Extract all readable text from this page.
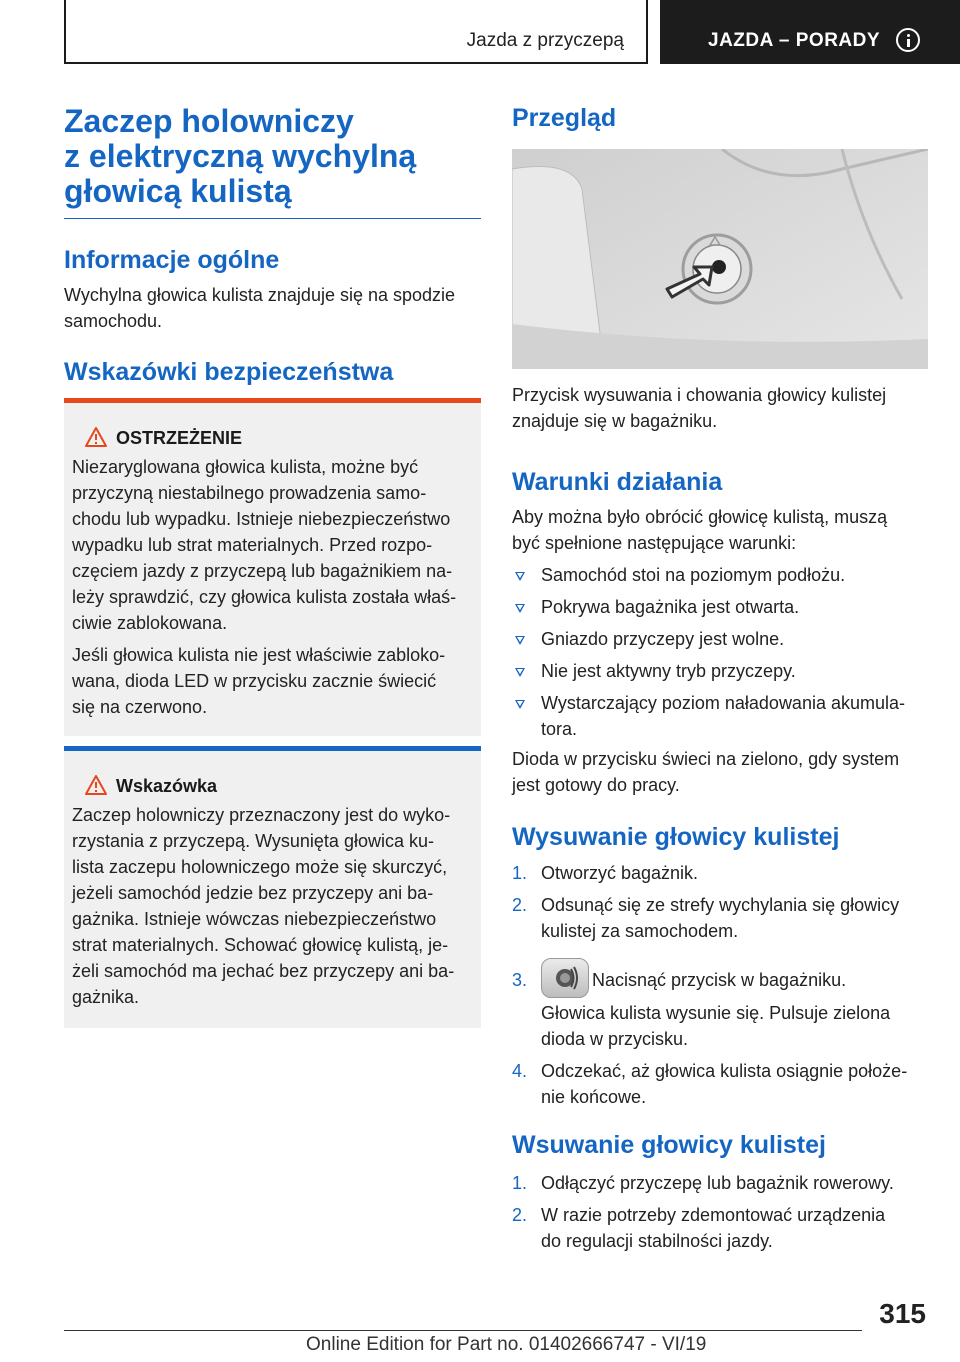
Jazda z przyczepą	JAZDA – PORADY
Zaczep holowniczy
z elektryczną wychylną
głowicą kulistą
Informacje ogólne
Wychylna głowica kulista znajduje się na spodzie
samochodu.
Wskazówki bezpieczeństwa
OSTRZEŻENIE

Niezaryglowana głowica kulista, możne być
przyczyną niestabilnego prowadzenia samo-
chodu lub wypadku. Istnieje niebezpieczeństwo
wypadku lub strat materialnych. Przed rozpo-
częciem jazdy z przyczepą lub bagażnikiem na-
leży sprawdzić, czy głowica kulista została właś-
ciwie zablokowana.

Jeśli głowica kulista nie jest właściwie zabloko-
wana, dioda LED w przycisku zacznie świecić
się na czerwono.

Wskazówka

Zaczep holowniczy przeznaczony jest do wyko-
rzystania z przyczepą. Wysunięta głowica ku-
lista zaczepu holowniczego może się skurczyć,
jeżeli samochód jedzie bez przyczepy ani ba-
gażnika. Istnieje wówczas niebezpieczeństwo
strat materialnych. Schować głowicę kulistą, je-
żeli samochód ma jechać bez przyczepy ani ba-
gażnika.

Przegląd
Przycisk wysuwania i chowania głowicy kulistej
znajduje się w bagażniku.
Warunki działania
Aby można było obrócić głowicę kulistą, muszą
być spełnione następujące warunki:
Samochód stoi na poziomym podłożu.
Pokrywa bagażnika jest otwarta.
Gniazdo przyczepy jest wolne.
Nie jest aktywny tryb przyczepy.
Wystarczający poziom naładowania akumula-
tora.
Dioda w przycisku świeci na zielono, gdy system
jest gotowy do pracy.
Wysuwanie głowicy kulistej
1. Otworzyć bagażnik.
2. Odsunąć się ze strefy wychylania się głowicy
kulistej za samochodem.
3.	Nacisnąć przycisk w bagażniku.
Głowica kulista wysunie się. Pulsuje zielona
dioda w przycisku.
4. Odczekać, aż głowica kulista osiągnie położe-
nie końcowe.
Wsuwanie głowicy kulistej
1. Odłączyć przyczepę lub bagażnik rowerowy.
2. W razie potrzeby zdemontować urządzenia
do regulacji stabilności jazdy.
315
Online Edition for Part no. 01402666747 - VI/19
